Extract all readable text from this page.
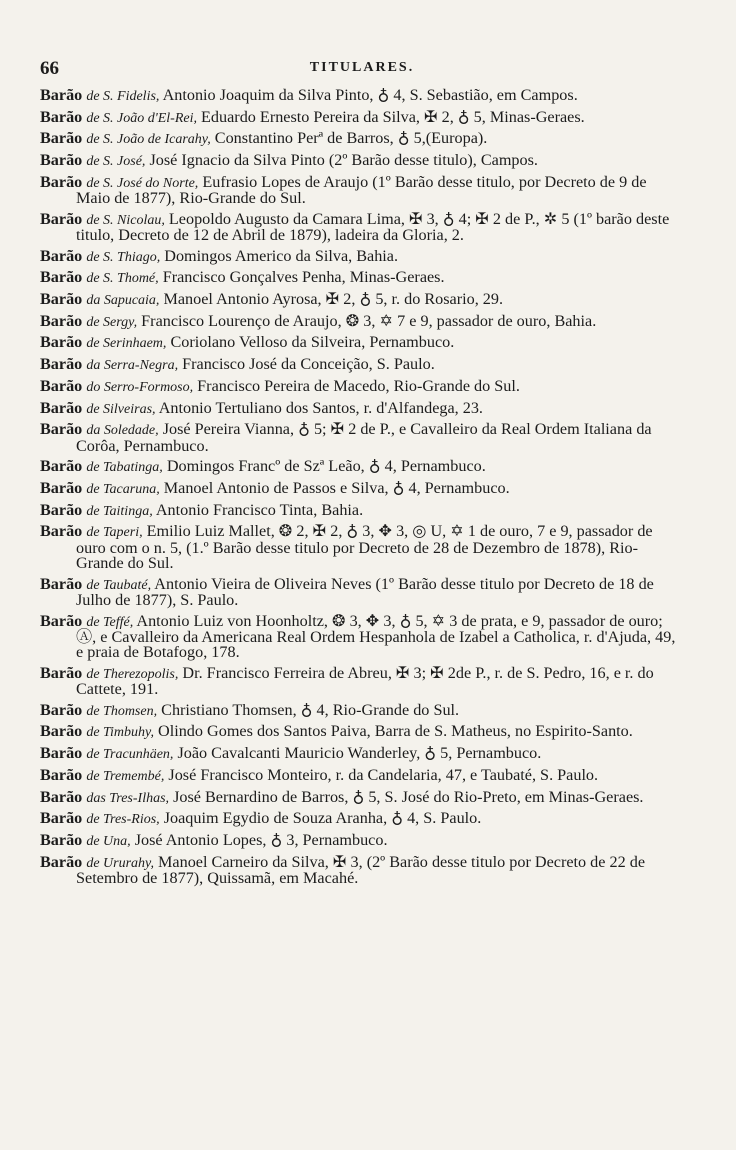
66	TITULARES.
Barão de S. Fidelis, Antonio Joaquim da Silva Pinto, ♁ 4, S. Sebastião, em Campos.
Barão de S. João d'El-Rei, Eduardo Ernesto Pereira da Silva, ✠ 2, ♁ 5, Minas-Geraes.
Barão de S. João de Icarahy, Constantino Perª de Barros, ♁ 5,(Europa).
Barão de S. José, José Ignacio da Silva Pinto (2º Barão desse titulo), Campos.
Barão de S. José do Norte, Eufrasio Lopes de Araujo (1º Barão desse titulo, por Decreto de 9 de Maio de 1877), Rio-Grande do Sul.
Barão de S. Nicolau, Leopoldo Augusto da Camara Lima, ✠ 3, ♁ 4; ✠ 2 de P., ✲ 5 (1º barão deste titulo, Decreto de 12 de Abril de 1879), ladeira da Gloria, 2.
Barão de S. Thiago, Domingos Americo da Silva, Bahia.
Barão de S. Thomé, Francisco Gonçalves Penha, Minas-Geraes.
Barão da Sapucaia, Manoel Antonio Ayrosa, ✠ 2, ♁ 5, r. do Rosario, 29.
Barão de Sergy, Francisco Lourenço de Araujo, ❂ 3, ✡ 7 e 9, passador de ouro, Bahia.
Barão de Serinhaem, Coriolano Velloso da Silveira, Pernambuco.
Barão da Serra-Negra, Francisco José da Conceição, S. Paulo.
Barão do Serro-Formoso, Francisco Pereira de Macedo, Rio-Grande do Sul.
Barão de Silveiras, Antonio Tertuliano dos Santos, r. d'Alfandega, 23.
Barão da Soledade, José Pereira Vianna, ♁ 5; ✠ 2 de P., e Cavalleiro da Real Ordem Italiana da Corôa, Pernambuco.
Barão de Tabatinga, Domingos Francº de Szª Leão, ♁ 4, Pernambuco.
Barão de Tacaruna, Manoel Antonio de Passos e Silva, ♁ 4, Pernambuco.
Barão de Taitinga, Antonio Francisco Tinta, Bahia.
Barão de Taperi, Emilio Luiz Mallet, ❂ 2, ✠ 2, ♁ 3, ✥ 3, ◎ U, ✡ 1 de ouro, 7 e 9, passador de ouro com o n. 5, (1.º Barão desse titulo por Decreto de 28 de Dezembro de 1878), Rio-Grande do Sul.
Barão de Taubaté, Antonio Vieira de Oliveira Neves (1º Barão desse titulo por Decreto de 18 de Julho de 1877), S. Paulo.
Barão de Teffé, Antonio Luiz von Hoonholtz, ❂ 3, ✥ 3, ♁ 5, ✡ 3 de prata, e 9, passador de ouro; Ⓐ, e Cavalleiro da Americana Real Ordem Hespanhola de Izabel a Catholica, r. d'Ajuda, 49, e praia de Botafogo, 178.
Barão de Therezopolis, Dr. Francisco Ferreira de Abreu, ✠ 3; ✠ 2de P., r. de S. Pedro, 16, e r. do Cattete, 191.
Barão de Thomsen, Christiano Thomsen, ♁ 4, Rio-Grande do Sul.
Barão de Timbuhy, Olindo Gomes dos Santos Paiva, Barra de S. Matheus, no Espirito-Santo.
Barão de Tracunhäen, João Cavalcanti Mauricio Wanderley, ♁ 5, Pernambuco.
Barão de Tremembé, José Francisco Monteiro, r. da Candelaria, 47, e Taubaté, S. Paulo.
Barão das Tres-Ilhas, José Bernardino de Barros, ♁ 5, S. José do Rio-Preto, em Minas-Geraes.
Barão de Tres-Rios, Joaquim Egydio de Souza Aranha, ♁ 4, S. Paulo.
Barão de Una, José Antonio Lopes, ♁ 3, Pernambuco.
Barão de Ururahy, Manoel Carneiro da Silva, ✠ 3, (2º Barão desse titulo por Decreto de 22 de Setembro de 1877), Quissamã, em Macahé.
